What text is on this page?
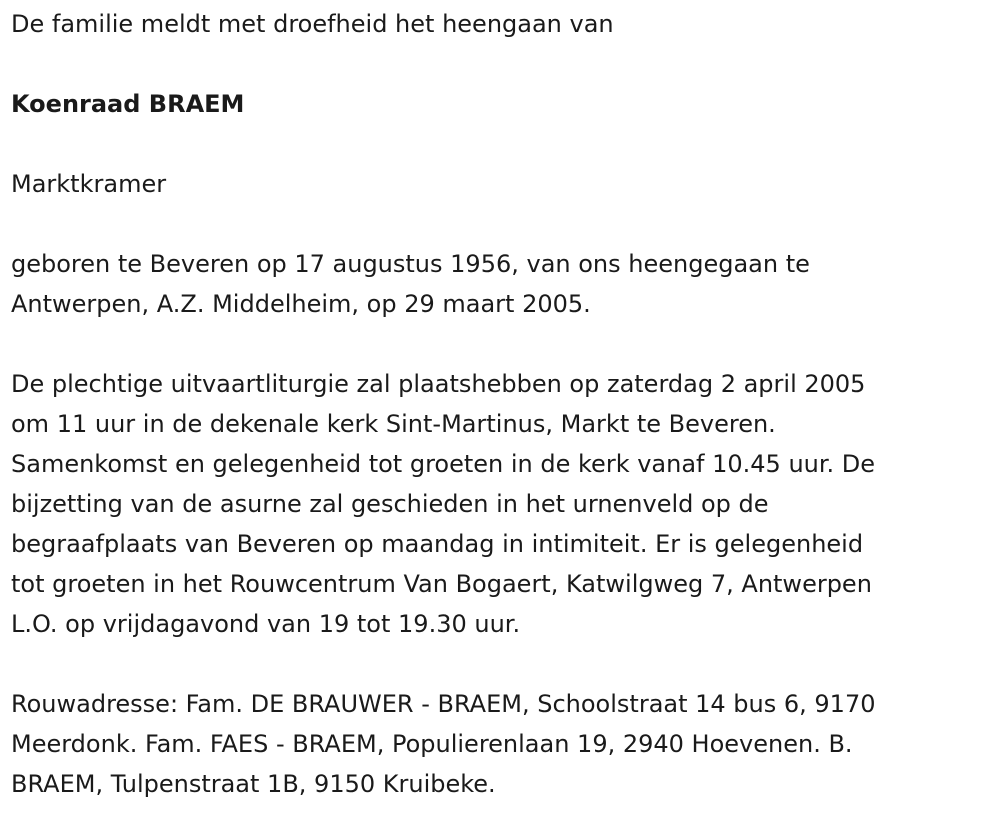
De familie meldt met droefheid het heengaan van
Koenraad BRAEM
Marktkramer
geboren te Beveren op 17 augustus 1956, van ons heengegaan te
Antwerpen, A.Z. Middelheim, op 29 maart 2005.
De plechtige uitvaartliturgie zal plaatshebben op zaterdag 2 april 2005
om 11 uur in de dekenale kerk Sint-Martinus, Markt te Beveren.
Samenkomst en gelegenheid tot groeten in de kerk vanaf 10.45 uur. De
bijzetting van de asurne zal geschieden in het urnenveld op de
begraafplaats van Beveren op maandag in intimiteit. Er is gelegenheid
tot groeten in het Rouwcentrum Van Bogaert, Katwilgweg 7, Antwerpen
L.O. op vrijdagavond van 19 tot 19.30 uur.
Rouwadresse: Fam. DE BRAUWER - BRAEM, Schoolstraat 14 bus 6, 9170
Meerdonk. Fam. FAES - BRAEM, Populierenlaan 19, 2940 Hoevenen. B.
BRAEM, Tulpenstraat 1B, 9150 Kruibeke.
